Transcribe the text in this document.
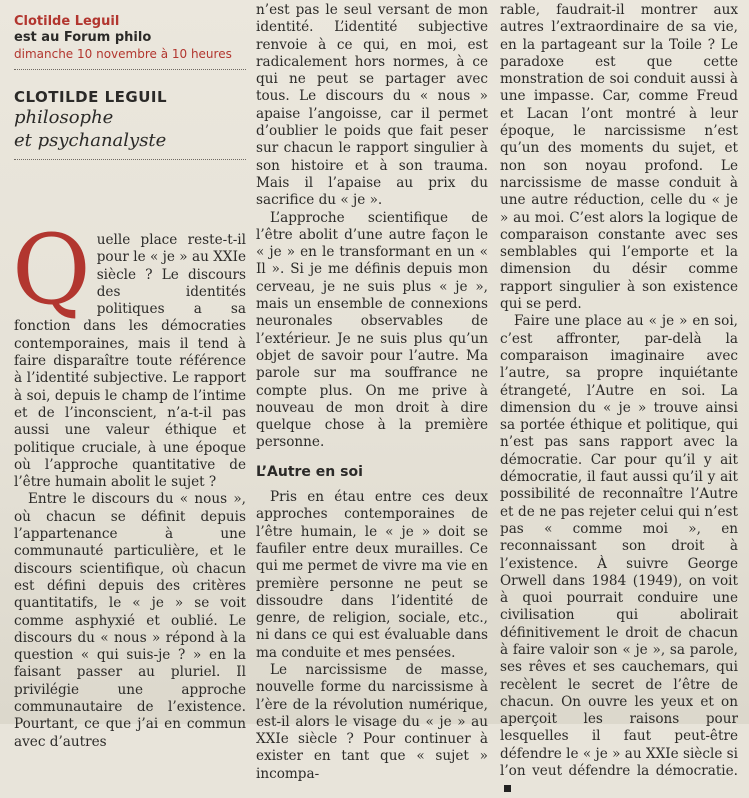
Clotilde Leguil
est au Forum philo
dimanche 10 novembre à 10 heures
CLOTILDE LEGUIL
philosophe
et psychanalyste
Q uelle place reste-t-il pour le « je » au XXIe siècle ? Le discours des identités politiques a sa fonction dans les démocraties contemporaines, mais il tend à faire disparaître toute référence à l’identité subjective. Le rapport à soi, depuis le champ de l’intime et de l’inconscient, n’a-t-il pas aussi une valeur éthique et politique cruciale, à une époque où l’approche quantitative de l’être humain abolit le sujet ?

Entre le discours du « nous », où chacun se définit depuis l’appartenance à une communauté particulière, et le discours scientifique, où chacun est défini depuis des critères quantitatifs, le « je » se voit comme asphyxié et oublié. Le discours du « nous » répond à la question « qui suis-je ? » en la faisant passer au pluriel. Il privilégie une approche communautaire de l’existence. Pourtant, ce que j’ai en commun avec d’autres

n’est pas le seul versant de mon identité. L’identité subjective renvoie à ce qui, en moi, est radicalement hors normes, à ce qui ne peut se partager avec tous. Le discours du « nous » apaise l’angoisse, car il permet d’oublier le poids que fait peser sur chacun le rapport singulier à son histoire et à son trauma. Mais il l’apaise au prix du sacrifice du « je ».

L’approche scientifique de l’être abolit d’une autre façon le « je » en le transformant en un « Il ». Si je me définis depuis mon cerveau, je ne suis plus « je », mais un ensemble de connexions neuronales observables de l’extérieur. Je ne suis plus qu’un objet de savoir pour l’autre. Ma parole sur ma souffrance ne compte plus. On me prive à nouveau de mon droit à dire quelque chose à la première personne.

L’Autre en soi

Pris en étau entre ces deux approches contemporaines de l’être humain, le « je » doit se faufiler entre deux murailles. Ce qui me permet de vivre ma vie en première personne ne peut se dissoudre dans l’identité de genre, de religion, sociale, etc., ni dans ce qui est évaluable dans ma conduite et mes pensées.

Le narcissisme de masse, nouvelle forme du narcissisme à l’ère de la révolution numérique, est-il alors le visage du « je » au XXIe siècle ? Pour continuer à exister en tant que « sujet » incompa-

rable, faudrait-il montrer aux autres l’extraordinaire de sa vie, en la partageant sur la Toile ? Le paradoxe est que cette monstration de soi conduit aussi à une impasse. Car, comme Freud et Lacan l’ont montré à leur époque, le narcissisme n’est qu’un des moments du sujet, et non son noyau profond. Le narcissisme de masse conduit à une autre réduction, celle du « je » au moi. C’est alors la logique de comparaison constante avec ses semblables qui l’emporte et la dimension du désir comme rapport singulier à son existence qui se perd.

Faire une place au « je » en soi, c’est affronter, par-delà la comparaison imaginaire avec l’autre, sa propre inquiétante étrangeté, l’Autre en soi. La dimension du « je » trouve ainsi sa portée éthique et politique, qui n’est pas sans rapport avec la démocratie. Car pour qu’il y ait démocratie, il faut aussi qu’il y ait possibilité de reconnaître l’Autre et de ne pas rejeter celui qui n’est pas « comme moi », en reconnaissant son droit à l’existence. À suivre George Orwell dans 1984 (1949), on voit à quoi pourrait conduire une civilisation qui abolirait définitivement le droit de chacun à faire valoir son « je », sa parole, ses rêves et ses cauchemars, qui recèlent le secret de l’être de chacun. On ouvre les yeux et on aperçoit les raisons pour lesquelles il faut peut-être défendre le « je » au XXIe siècle si l’on veut défendre la démocratie.
